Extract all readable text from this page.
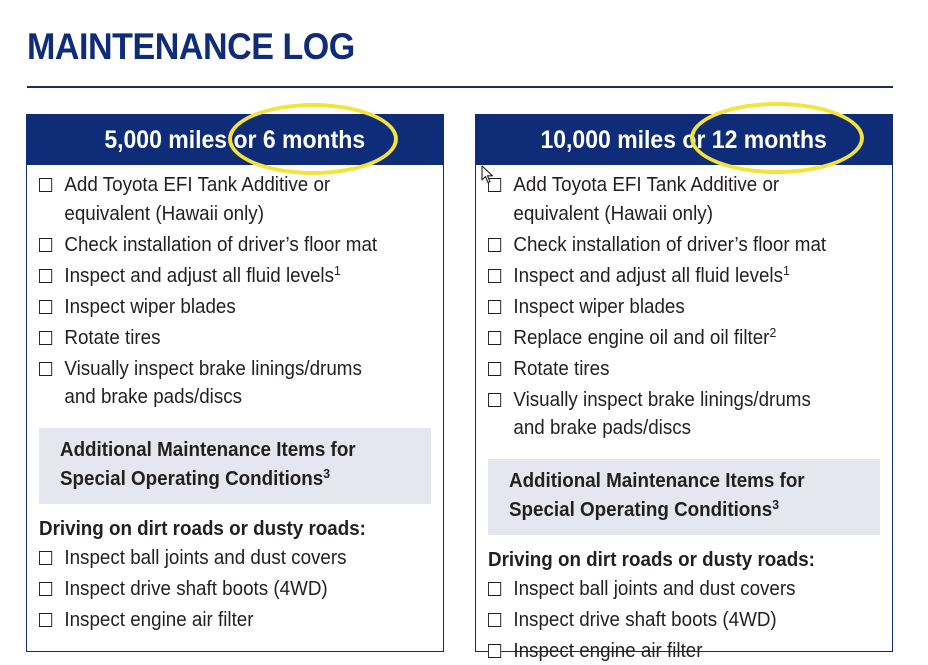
MAINTENANCE LOG
5,000 miles or 6 months
Add Toyota EFI Tank Additive or
equivalent (Hawaii only)
Check installation of driver’s floor mat
Inspect and adjust all fluid levels$^1$
Inspect wiper blades
Rotate tires
Visually inspect brake linings/drums
and brake pads/discs
Additional Maintenance Items for
Special Operating Conditions$^3$
Driving on dirt roads or dusty roads:
Inspect ball joints and dust covers
Inspect drive shaft boots (4WD)
Inspect engine air filter
10,000 miles or 12 months
Add Toyota EFI Tank Additive or
equivalent (Hawaii only)
Check installation of driver’s floor mat
Inspect and adjust all fluid levels$^1$
Inspect wiper blades
Replace engine oil and oil filter$^2$
Rotate tires
Visually inspect brake linings/drums
and brake pads/discs
Additional Maintenance Items for
Special Operating Conditions$^3$
Driving on dirt roads or dusty roads:
Inspect ball joints and dust covers
Inspect drive shaft boots (4WD)
Inspect engine air filter
